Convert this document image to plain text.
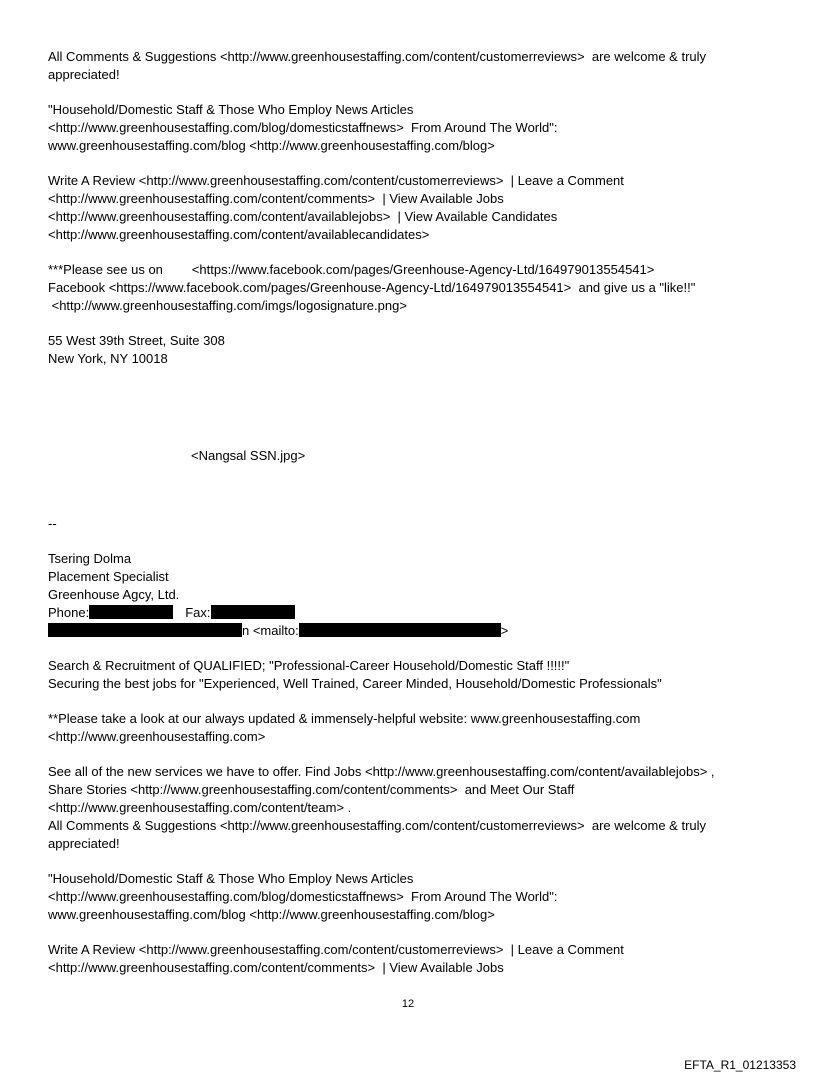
All Comments & Suggestions <http://www.greenhousestaffing.com/content/customerreviews>  are welcome & truly
appreciated!

"Household/Domestic Staff & Those Who Employ News Articles
<http://www.greenhousestaffing.com/blog/domesticstaffnews>  From Around The World":
www.greenhousestaffing.com/blog <http://www.greenhousestaffing.com/blog>

Write A Review <http://www.greenhousestaffing.com/content/customerreviews>  | Leave a Comment
<http://www.greenhousestaffing.com/content/comments>  | View Available Jobs
<http://www.greenhousestaffing.com/content/availablejobs>  | View Available Candidates
<http://www.greenhousestaffing.com/content/availablecandidates>

***Please see us on        <https://www.facebook.com/pages/Greenhouse-Agency-Ltd/164979013554541>
Facebook <https://www.facebook.com/pages/Greenhouse-Agency-Ltd/164979013554541>  and give us a "like!!"
<http://www.greenhousestaffing.com/imgs/logosignature.png>

55 West 39th Street, Suite 308
New York, NY 10018

<Nangsal SSN.jpg>

--

Tsering Dolma
Placement Specialist
Greenhouse Agcy, Ltd.
Phone:	Fax:
n <mailto:	>

Search & Recruitment of QUALIFIED; "Professional-Career Household/Domestic Staff !!!!!"
Securing the best jobs for "Experienced, Well Trained, Career Minded, Household/Domestic Professionals"

**Please take a look at our always updated & immensely-helpful website: www.greenhousestaffing.com
<http://www.greenhousestaffing.com>

See all of the new services we have to offer. Find Jobs <http://www.greenhousestaffing.com/content/availablejobs> ,
Share Stories <http://www.greenhousestaffing.com/content/comments>  and Meet Our Staff
<http://www.greenhousestaffing.com/content/team> .
All Comments & Suggestions <http://www.greenhousestaffing.com/content/customerreviews>  are welcome & truly
appreciated!

"Household/Domestic Staff & Those Who Employ News Articles
<http://www.greenhousestaffing.com/blog/domesticstaffnews>  From Around The World":
www.greenhousestaffing.com/blog <http://www.greenhousestaffing.com/blog>

Write A Review <http://www.greenhousestaffing.com/content/customerreviews>  | Leave a Comment
<http://www.greenhousestaffing.com/content/comments>  | View Available Jobs

12
EFTA_R1_01213353
